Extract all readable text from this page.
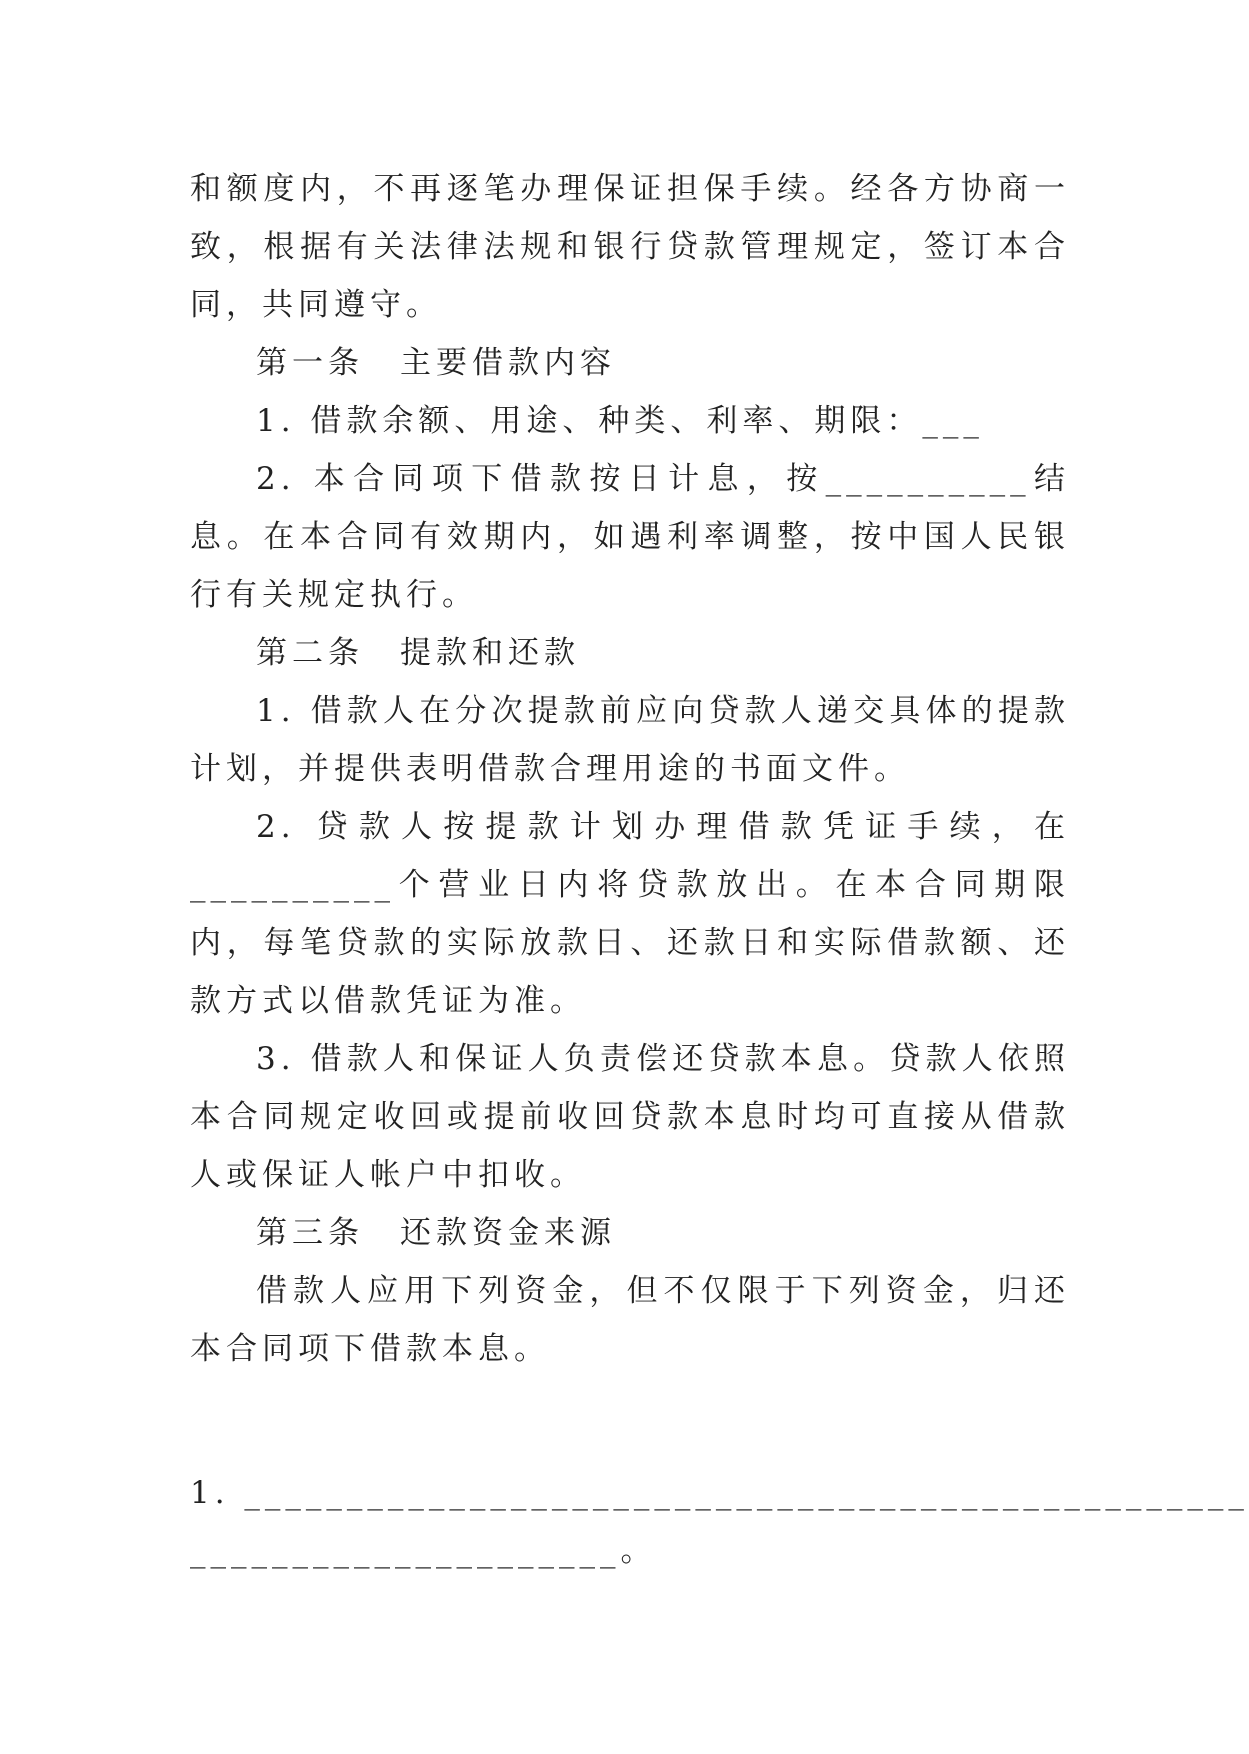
和额度内，不再逐笔办理保证担保手续。经各方协商一致，根据有关法律法规和银行贷款管理规定，签订本合同，共同遵守。

第一条　主要借款内容

1. 借款余额、用途、种类、利率、期限：___

2. 本合同项下借款按日计息，按__________结息。在本合同有效期内，如遇利率调整，按中国人民银行有关规定执行。

第二条　提款和还款

1. 借款人在分次提款前应向贷款人递交具体的提款计划，并提供表明借款合理用途的书面文件。

2. 贷款人按提款计划办理借款凭证手续，在__________个营业日内将贷款放出。在本合同期限内，每笔贷款的实际放款日、还款日和实际借款额、还款方式以借款凭证为准。

3. 借款人和保证人负责偿还贷款本息。贷款人依照本合同规定收回或提前收回贷款本息时均可直接从借款人或保证人帐户中扣收。

第三条　还款资金来源

借款人应用下列资金，但不仅限于下列资金，归还本合同项下借款本息。

1. _________________________________________________

_____________________。
